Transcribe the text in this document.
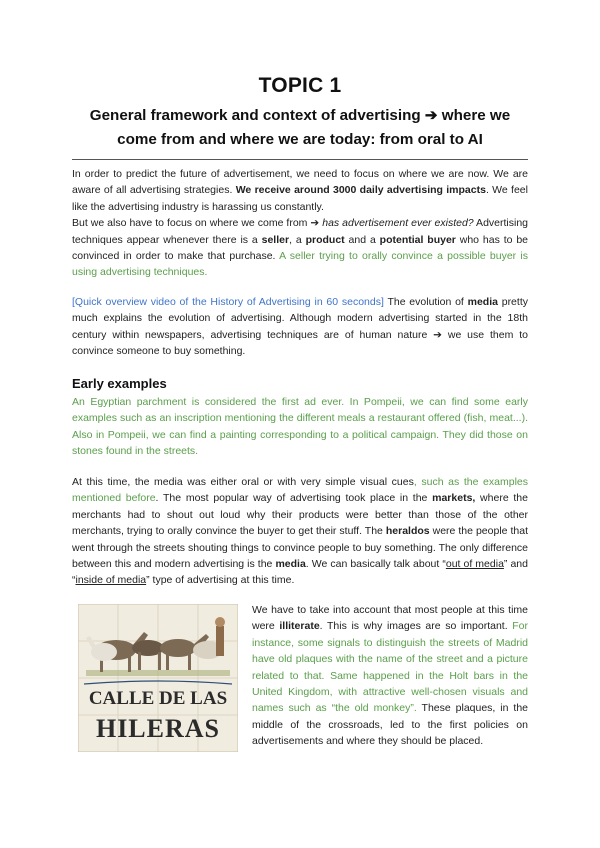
TOPIC 1
General framework and context of advertising ➔ where we
come from and where we are today: from oral to AI
In order to predict the future of advertisement, we need to focus on where we are now. We are aware of all advertising strategies. We receive around 3000 daily advertising impacts. We feel like the advertising industry is harassing us constantly.
But we also have to focus on where we come from ➔ has advertisement ever existed? Advertising techniques appear whenever there is a seller, a product and a potential buyer who has to be convinced in order to make that purchase. A seller trying to orally convince a possible buyer is using advertising techniques.
[Quick overview video of the History of Advertising in 60 seconds] The evolution of media pretty much explains the evolution of advertising. Although modern advertising started in the 18th century within newspapers, advertising techniques are of human nature ➔ we use them to convince someone to buy something.
Early examples
An Egyptian parchment is considered the first ad ever. In Pompeii, we can find some early examples such as an inscription mentioning the different meals a restaurant offered (fish, meat...). Also in Pompeii, we can find a painting corresponding to a political campaign. They did those on stones found in the streets.
At this time, the media was either oral or with very simple visual cues, such as the examples mentioned before. The most popular way of advertising took place in the markets, where the merchants had to shout out loud why their products were better than those of the other merchants, trying to orally convince the buyer to get their stuff. The heraldos were the people that went through the streets shouting things to convince people to buy something. The only difference between this and modern advertising is the media. We can basically talk about “out of media” and “inside of media” type of advertising at this time.
CALLE DE LAS
HILERAS
We have to take into account that most people at this time were illiterate. This is why images are so important. For instance, some signals to distinguish the streets of Madrid have old plaques with the name of the street and a picture related to that. Same happened in the Holt bars in the United Kingdom, with attractive well-chosen visuals and names such as “the old monkey”. These plaques, in the middle of the crossroads, led to the first policies on advertisements and where they should be placed.
